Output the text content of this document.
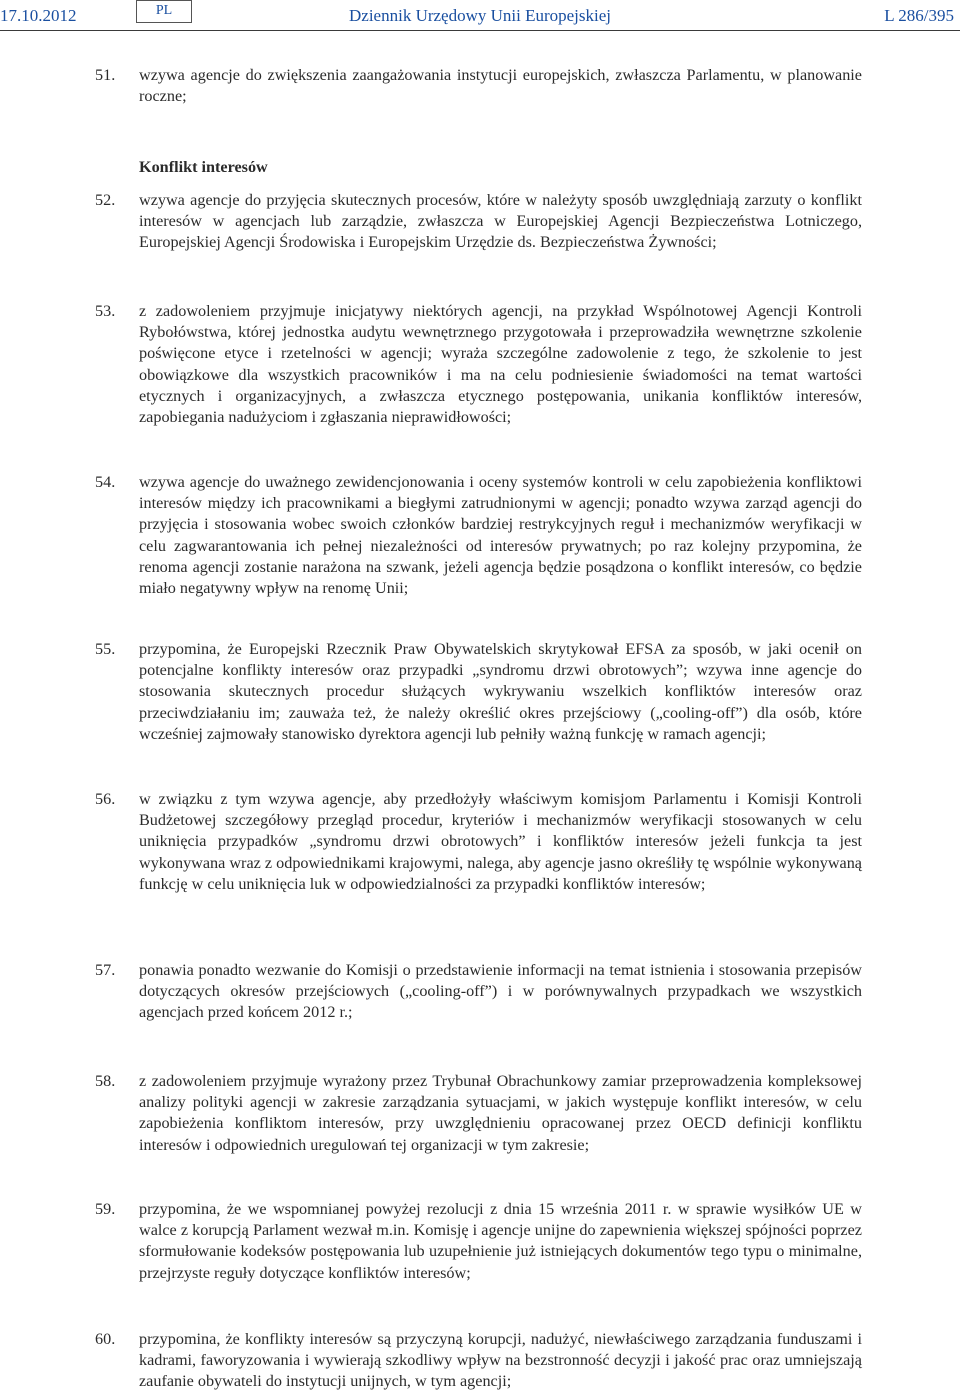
17.10.2012	PL	Dziennik Urzędowy Unii Europejskiej	L 286/395
51. wzywa agencje do zwiększenia zaangażowania instytucji europejskich, zwłaszcza Parlamentu, w planowanie roczne;
Konflikt interesów
52. wzywa agencje do przyjęcia skutecznych procesów, które w należyty sposób uwzględniają zarzuty o konflikt interesów w agencjach lub zarządzie, zwłaszcza w Europejskiej Agencji Bezpieczeństwa Lotniczego, Europejskiej Agencji Środowiska i Europejskim Urzędzie ds. Bezpieczeństwa Żywności;
53. z zadowoleniem przyjmuje inicjatywy niektórych agencji, na przykład Wspólnotowej Agencji Kontroli Rybołówstwa, której jednostka audytu wewnętrznego przygotowała i przeprowadziła wewnętrzne szkolenie poświęcone etyce i rzetelności w agencji; wyraża szczególne zadowolenie z tego, że szkolenie to jest obowiązkowe dla wszystkich pracowników i ma na celu podniesienie świadomości na temat wartości etycznych i organizacyjnych, a zwłaszcza etycznego postępowania, unikania konfliktów interesów, zapobiegania nadużyciom i zgłaszania nieprawidłowości;
54. wzywa agencje do uważnego zewidencjonowania i oceny systemów kontroli w celu zapobieżenia konfliktowi interesów między ich pracownikami a biegłymi zatrudnionymi w agencji; ponadto wzywa zarząd agencji do przyjęcia i stosowania wobec swoich członków bardziej restrykcyjnych reguł i mechanizmów weryfikacji w celu zagwarantowania ich pełnej niezależności od interesów prywatnych; po raz kolejny przypomina, że renoma agencji zostanie narażona na szwank, jeżeli agencja będzie posądzona o konflikt interesów, co będzie miało negatywny wpływ na renomę Unii;
55. przypomina, że Europejski Rzecznik Praw Obywatelskich skrytykował EFSA za sposób, w jaki ocenił on potencjalne konflikty interesów oraz przypadki „syndromu drzwi obrotowych”; wzywa inne agencje do stosowania skutecznych procedur służących wykrywaniu wszelkich konfliktów interesów oraz przeciwdziałaniu im; zauważa też, że należy określić okres przejściowy („cooling-off”) dla osób, które wcześniej zajmowały stanowisko dyrektora agencji lub pełniły ważną funkcję w ramach agencji;
56. w związku z tym wzywa agencje, aby przedłożyły właściwym komisjom Parlamentu i Komisji Kontroli Budżetowej szczegółowy przegląd procedur, kryteriów i mechanizmów weryfikacji stosowanych w celu uniknięcia przypadków „syndromu drzwi obrotowych” i konfliktów interesów jeżeli funkcja ta jest wykonywana wraz z odpowiednikami krajowymi, nalega, aby agencje jasno określiły tę wspólnie wykonywaną funkcję w celu uniknięcia luk w odpowiedzialności za przypadki konfliktów interesów;
57. ponawia ponadto wezwanie do Komisji o przedstawienie informacji na temat istnienia i stosowania przepisów dotyczących okresów przejściowych („cooling-off”) i w porównywalnych przypadkach we wszystkich agencjach przed końcem 2012 r.;
58. z zadowoleniem przyjmuje wyrażony przez Trybunał Obrachunkowy zamiar przeprowadzenia kompleksowej analizy polityki agencji w zakresie zarządzania sytuacjami, w jakich występuje konflikt interesów, w celu zapobieżenia konfliktom interesów, przy uwzględnieniu opracowanej przez OECD definicji konfliktu interesów i odpowiednich uregulowań tej organizacji w tym zakresie;
59. przypomina, że we wspomnianej powyżej rezolucji z dnia 15 września 2011 r. w sprawie wysiłków UE w walce z korupcją Parlament wezwał m.in. Komisję i agencje unijne do zapewnienia większej spójności poprzez sformułowanie kodeksów postępowania lub uzupełnienie już istniejących dokumentów tego typu o minimalne, przejrzyste reguły dotyczące konfliktów interesów;
60. przypomina, że konflikty interesów są przyczyną korupcji, nadużyć, niewłaściwego zarządzania funduszami i kadrami, faworyzowania i wywierają szkodliwy wpływ na bezstronność decyzji i jakość prac oraz umniejszają zaufanie obywateli do instytucji unijnych, w tym agencji;
